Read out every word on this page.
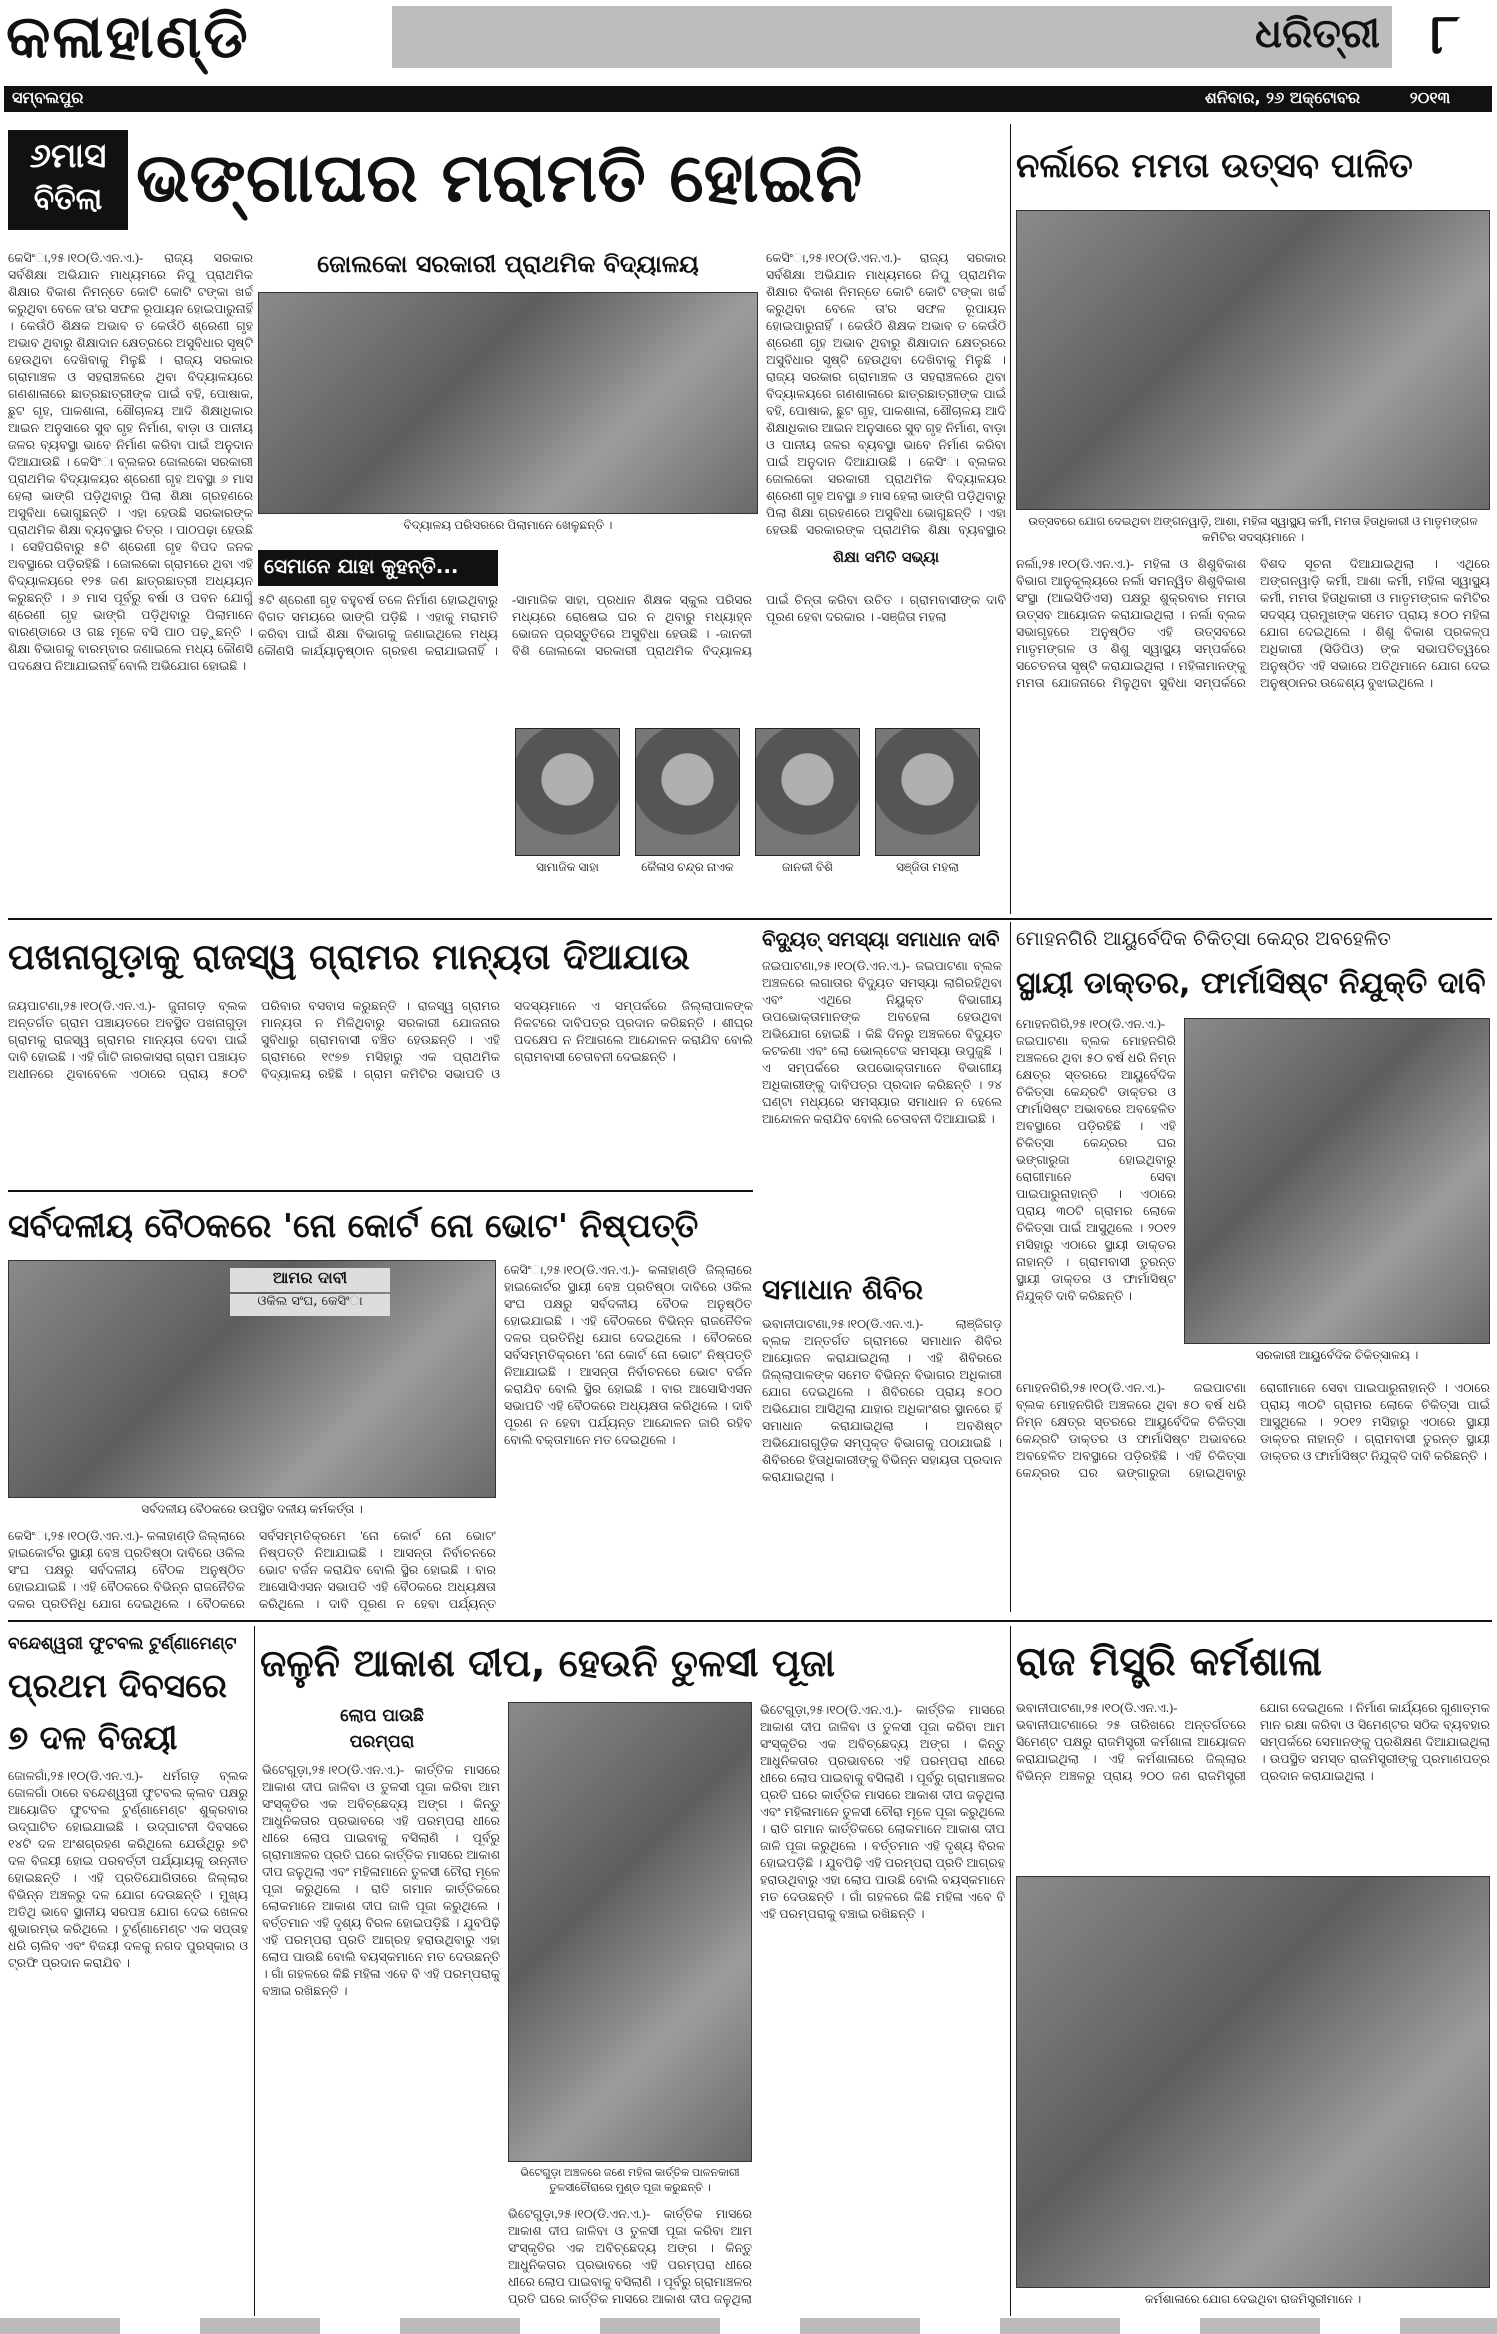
କଳାହାଣ୍ଡି	ଧରିତ୍ରୀ ୮
ସମ୍ବଲପୁର	ଶନିବାର, ୨୬ ଅକ୍ଟୋବର	୨୦୧୩
୬ମାସ
ବିତିଲା ଭଙ୍ଗାଘର ମରାମତି ହୋଇନି
କେସିଂା,୨୫।୧୦(ଡି.ଏନ.ଏ.)- ରାଜ୍ୟ ସରକାର ସର୍ବଶିକ୍ଷା ଅଭିଯାନ ମାଧ୍ୟମରେ ନିପୁ ପ୍ରାଥମିକ ଶିକ୍ଷାର ବିକାଶ ନିମନ୍ତେ କୋଟି କୋଟି ଟଙ୍କା ଖର୍ଚ୍ଚ କରୁଥିବା ବେଳେ ତା'ର ସଫଳ ରୂପାୟନ ହୋଇପାରୁନାହିଁ । କେଉଁଠି ଶିକ୍ଷକ ଅଭାବ ତ କେଉଁଠି ଶ୍ରେଣୀ ଗୃହ ଅଭାବ ଥିବାରୁ ଶିକ୍ଷାଦାନ କ୍ଷେତ୍ରରେ ଅସୁବିଧାର ସୃଷ୍ଟି ହେଉଥିବା ଦେଖିବାକୁ ମିଳୁଛି । ରାଜ୍ୟ ସରକାର ଗ୍ରାମାଞ୍ଚଳ ଓ ସହରାଞ୍ଚଳରେ ଥିବା ବିଦ୍ୟାଳୟରେ ଗଣଶାଳାରେ ଛାତ୍ରଛାତ୍ରୀଙ୍କ ପାଇଁ ବହି, ପୋଷାକ, ଛୁଟ ଗୃହ, ପାକଶାଳା, ଶୌଚାଳୟ ଆଦି ଶିକ୍ଷାଧିକାର ଆଇନ ଅନୁସାରେ ସୁବ ଗୃହ ନିର୍ମାଣ, ବାଡ଼ା ଓ ପାନୀୟ ଜଳର ବ୍ୟବସ୍ଥା ଭାବେ ନିର୍ମାଣ କରିବା ପାଇଁ ଅନୁଦାନ ଦିଆଯାଉଛି । କେସିଂା ବ୍ଲକର ଜୋଲକୋ ସରକାରୀ ପ୍ରାଥମିକ ବିଦ୍ୟାଳୟର ଶ୍ରେଣୀ ଗୃହ ଅବସ୍ଥା ୬ ମାସ ହେଲା ଭାଙ୍ଗି ପଡ଼ିଥିବାରୁ ପିଲା ଶିକ୍ଷା ଗ୍ରହଣରେ ଅସୁବିଧା ଭୋଗୁଛନ୍ତି । ଏହା ହେଉଛି ସରକାରଙ୍କ ପ୍ରାଥମିକ ଶିକ୍ଷା ବ୍ୟବସ୍ଥାର ଚିତ୍ର । ପାଠପଢ଼ା ହେଉଛି । ସେହିପରିବାରୁ ୫ଟି ଶ୍ରେଣୀ ଗୃହ ବିପଦ ଜନକ ଅବସ୍ଥାରେ ପଡ଼ିରହିଛି । ଜୋଲକୋ ଗ୍ରାମରେ ଥିବା ଏହି ବିଦ୍ୟାଳୟରେ ୧୨୫ ଜଣ ଛାତ୍ରଛାତ୍ରୀ ଅଧ୍ୟୟନ କରୁଛନ୍ତି । ୬ ମାସ ପୂର୍ବରୁ ବର୍ଷା ଓ ପବନ ଯୋଗୁଁ ଶ୍ରେଣୀ ଗୃହ ଭାଙ୍ଗି ପଡ଼ିଥିବାରୁ ପିଲାମାନେ ବାରଣ୍ଡାରେ ଓ ଗଛ ମୂଳେ ବସି ପାଠ ପଢ଼ୁଛନ୍ତି । ଶିକ୍ଷା ବିଭାଗକୁ ବାରମ୍ବାର ଜଣାଇଲେ ମଧ୍ୟ କୌଣସି ପଦକ୍ଷେପ ନିଆଯାଇନାହିଁ ବୋଲି ଅଭିଯୋଗ ହୋଇଛି ।
ଜୋଲକୋ ସରକାରୀ ପ୍ରାଥମିକ ବିଦ୍ୟାଳୟ
ବିଦ୍ୟାଳୟ ପରିସରରେ ପିଲାମାନେ ଖେଳୁଛନ୍ତି ।
କେସିଂା,୨୫।୧୦(ଡି.ଏନ.ଏ.)- ରାଜ୍ୟ ସରକାର ସର୍ବଶିକ୍ଷା ଅଭିଯାନ ମାଧ୍ୟମରେ ନିପୁ ପ୍ରାଥମିକ ଶିକ୍ଷାର ବିକାଶ ନିମନ୍ତେ କୋଟି କୋଟି ଟଙ୍କା ଖର୍ଚ୍ଚ କରୁଥିବା ବେଳେ ତା'ର ସଫଳ ରୂପାୟନ ହୋଇପାରୁନାହିଁ । କେଉଁଠି ଶିକ୍ଷକ ଅଭାବ ତ କେଉଁଠି ଶ୍ରେଣୀ ଗୃହ ଅଭାବ ଥିବାରୁ ଶିକ୍ଷାଦାନ କ୍ଷେତ୍ରରେ ଅସୁବିଧାର ସୃଷ୍ଟି ହେଉଥିବା ଦେଖିବାକୁ ମିଳୁଛି । ରାଜ୍ୟ ସରକାର ଗ୍ରାମାଞ୍ଚଳ ଓ ସହରାଞ୍ଚଳରେ ଥିବା ବିଦ୍ୟାଳୟରେ ଗଣଶାଳାରେ ଛାତ୍ରଛାତ୍ରୀଙ୍କ ପାଇଁ ବହି, ପୋଷାକ, ଛୁଟ ଗୃହ, ପାକଶାଳା, ଶୌଚାଳୟ ଆଦି ଶିକ୍ଷାଧିକାର ଆଇନ ଅନୁସାରେ ସୁବ ଗୃହ ନିର୍ମାଣ, ବାଡ଼ା ଓ ପାନୀୟ ଜଳର ବ୍ୟବସ୍ଥା ଭାବେ ନିର୍ମାଣ କରିବା ପାଇଁ ଅନୁଦାନ ଦିଆଯାଉଛି । କେସିଂା ବ୍ଲକର ଜୋଲକୋ ସରକାରୀ ପ୍ରାଥମିକ ବିଦ୍ୟାଳୟର ଶ୍ରେଣୀ ଗୃହ ଅବସ୍ଥା ୬ ମାସ ହେଲା ଭାଙ୍ଗି ପଡ଼ିଥିବାରୁ ପିଲା ଶିକ୍ଷା ଗ୍ରହଣରେ ଅସୁବିଧା ଭୋଗୁଛନ୍ତି । ଏହା ହେଉଛି ସରକାରଙ୍କ ପ୍ରାଥମିକ ଶିକ୍ଷା ବ୍ୟବସ୍ଥାର
ସେମାନେ ଯାହା କୁହନ୍ତି...	ଶିକ୍ଷା ସମିତି ସଭ୍ୟା
୫ଟି ଶ୍ରେଣୀ ଗୃହ ବହୁବର୍ଷ ତଳେ ନିର୍ମାଣ ହୋଇଥିବାରୁ ବିଗତ ସମୟରେ ଭାଙ୍ଗି ପଡ଼ିଛି । ଏହାକୁ ମରାମତି କରିବା ପାଇଁ ଶିକ୍ଷା ବିଭାଗକୁ ଜଣାଇଥିଲେ ମଧ୍ୟ କୌଣସି କାର୍ଯ୍ୟାନୁଷ୍ଠାନ ଗ୍ରହଣ କରାଯାଇନାହିଁ । -ସାମାଜିକ ସାହା, ପ୍ରଧାନ ଶିକ୍ଷକ ସ୍କୁଲ ପରିସର ମଧ୍ୟରେ ରୋଷେଇ ଘର ନ ଥିବାରୁ ମଧ୍ୟାହ୍ନ ଭୋଜନ ପ୍ରସ୍ତୁତିରେ ଅସୁବିଧା ହେଉଛି । -ଜାନକୀ ବିଶି ଜୋଲକୋ ସରକାରୀ ପ୍ରାଥମିକ ବିଦ୍ୟାଳୟ ପାଇଁ ଚିନ୍ତା କରିବା ଉଚିତ । ଗ୍ରାମବାସୀଙ୍କ ଦାବି ପୂରଣ ହେବା ଦରକାର । -ସଞ୍ଜିତା ମହଲା
ସାମାଜିକ ସାହା	କୈଳାସ ଚନ୍ଦ୍ର ନାଏକ	ଜାନକୀ ବିଶି	ସଞ୍ଜିତା ମହଲା
ନର୍ଲାରେ ମମତା ଉତ୍ସବ ପାଳିତ
ଉତ୍ସବରେ ଯୋଗ ଦେଇଥିବା ଅଙ୍ଗନୱାଡ଼ି, ଆଶା, ମହିଳା ସ୍ୱାସ୍ଥ୍ୟ କର୍ମୀ, ମମତା ହିତାଧିକାରୀ ଓ ମାତୃମଙ୍ଗଳ କମିଟିର ସଦସ୍ୟମାନେ ।
ନର୍ଲା,୨୫।୧୦(ଡି.ଏନ.ଏ.)- ମହିଳା ଓ ଶିଶୁବିକାଶ ବିଭାଗ ଆନୁକୂଲ୍ୟରେ ନର୍ଲା ସମନ୍ୱିତ ଶିଶୁବିକାଶ ସଂସ୍ଥା (ଆଇସିଡିଏସ) ପକ୍ଷରୁ ଶୁକ୍ରବାର ମମତା ଉତ୍ସବ ଆୟୋଜନ କରାଯାଇଥିଲା । ନର୍ଲା ବ୍ଲକ ସଭାଗୃହରେ ଅନୁଷ୍ଠିତ ଏହି ଉତ୍ସବରେ ମାତୃମଙ୍ଗଳ ଓ ଶିଶୁ ସ୍ୱାସ୍ଥ୍ୟ ସମ୍ପର୍କରେ ସଚେତନତା ସୃଷ୍ଟି କରାଯାଇଥିଲା । ମହିଳାମାନଙ୍କୁ ମମତା ଯୋଜନାରେ ମିଳୁଥିବା ସୁବିଧା ସମ୍ପର୍କରେ ବିଶଦ ସୂଚନା ଦିଆଯାଇଥିଲା । ଏଥିରେ ଅଙ୍ଗନୱାଡ଼ି କର୍ମୀ, ଆଶା କର୍ମୀ, ମହିଳା ସ୍ୱାସ୍ଥ୍ୟ କର୍ମୀ, ମମତା ହିତାଧିକାରୀ ଓ ମାତୃମଙ୍ଗଳ କମିଟିର ସଦସ୍ୟ ପ୍ରମୁଖଙ୍କ ସମେତ ପ୍ରାୟ ୫୦୦ ମହିଳା ଯୋଗ ଦେଇଥିଲେ । ଶିଶୁ ବିକାଶ ପ୍ରକଳ୍ପ ଅଧିକାରୀ (ସିଡିପିଓ) ଙ୍କ ସଭାପତିତ୍ୱରେ ଅନୁଷ୍ଠିତ ଏହି ସଭାରେ ଅତିଥିମାନେ ଯୋଗ ଦେଇ ଅନୁଷ୍ଠାନର ଉଦ୍ଦେଶ୍ୟ ବୁଝାଇଥିଲେ ।
ପଖନାଗୁଡ଼ାକୁ ରାଜସ୍ୱ ଗ୍ରାମର ମାନ୍ୟତା ଦିଆଯାଉ
ଜୟପାଟଣା,୨୫।୧୦(ଡି.ଏନ.ଏ.)- ଜୁନାଗଡ଼ ବ୍ଲକ ଅନ୍ତର୍ଗତ ଗ୍ରାମ ପଞ୍ଚାୟତରେ ଅବସ୍ଥିତ ପଖନାଗୁଡ଼ା ଗ୍ରାମକୁ ରାଜସ୍ୱ ଗ୍ରାମର ମାନ୍ୟତା ଦେବା ପାଇଁ ଦାବି ହୋଇଛି । ଏହି ଗାଁଟି ଜାରକାସରା ଗ୍ରାମ ପଞ୍ଚାୟତ ଅଧୀନରେ ଥିବାବେଳେ ଏଠାରେ ପ୍ରାୟ ୫୦ଟି ପରିବାର ବସବାସ କରୁଛନ୍ତି । ରାଜସ୍ୱ ଗ୍ରାମର ମାନ୍ୟତା ନ ମିଳିଥିବାରୁ ସରକାରୀ ଯୋଜନାର ସୁବିଧାରୁ ଗ୍ରାମବାସୀ ବଞ୍ଚିତ ହେଉଛନ୍ତି । ଏହି ଗ୍ରାମରେ ୧୯୭୭ ମସିହାରୁ ଏକ ପ୍ରାଥମିକ ବିଦ୍ୟାଳୟ ରହିଛି । ଗ୍ରାମ କମିଟିର ସଭାପତି ଓ ସଦସ୍ୟମାନେ ଏ ସମ୍ପର୍କରେ ଜିଲ୍ଲାପାଳଙ୍କ ନିକଟରେ ଦାବିପତ୍ର ପ୍ରଦାନ କରିଛନ୍ତି । ଶୀଘ୍ର ପଦକ୍ଷେପ ନ ନିଆଗଲେ ଆନ୍ଦୋଳନ କରାଯିବ ବୋଲି ଗ୍ରାମବାସୀ ଚେତାବନୀ ଦେଇଛନ୍ତି ।
ବିଦ୍ୟୁତ୍ ସମସ୍ୟା ସମାଧାନ ଦାବି
ଜଇପାଟଣା,୨୫।୧୦(ଡି.ଏନ.ଏ.)- ଜଇପାଟଣା ବ୍ଲକ ଅଞ୍ଚଳରେ ଲଗାତାର ବିଦ୍ୟୁତ ସମସ୍ୟା ଲାଗିରହିଥିବା ଏବଂ ଏଥିରେ ନିୟୁକ୍ତ ବିଭାଗୀୟ ଉପଭୋକ୍ତାମାନଙ୍କ ଅବହେଳା ହେଉଥିବା ଅଭିଯୋଗ ହୋଇଛି । କିଛି ଦିନରୁ ଅଞ୍ଚଳରେ ବିଦ୍ୟୁତ କଟକଣା ଏବଂ ଲୋ ଭୋଲ୍ଟେଜ ସମସ୍ୟା ଉପୁଜୁଛି । ଏ ସମ୍ପର୍କରେ ଉପଭୋକ୍ତାମାନେ ବିଭାଗୀୟ ଅଧିକାରୀଙ୍କୁ ଦାବିପତ୍ର ପ୍ରଦାନ କରିଛନ୍ତି । ୨୪ ଘଣ୍ଟା ମଧ୍ୟରେ ସମସ୍ୟାର ସମାଧାନ ନ ହେଲେ ଆନ୍ଦୋଳନ କରାଯିବ ବୋଲି ଚେତାବନୀ ଦିଆଯାଇଛି ।
ମୋହନଗିରି ଆୟୁର୍ବେଦିକ ଚିକିତ୍ସା କେନ୍ଦ୍ର ଅବହେଳିତ
ସ୍ଥାୟୀ ଡାକ୍ତର, ଫାର୍ମାସିଷ୍ଟ ନିଯୁକ୍ତି ଦାବି
ମୋହନଗିରି,୨୫।୧୦(ଡି.ଏନ.ଏ.)- ଜଇପାଟଣା ବ୍ଲକ ମୋହନଗିରି ଅଞ୍ଚଳରେ ଥିବା ୫୦ ବର୍ଷ ଧରି ନିମ୍ନ କ୍ଷେତ୍ର ସ୍ତରରେ ଆୟୁର୍ବେଦିକ ଚିକିତ୍ସା କେନ୍ଦ୍ରଟି ଡାକ୍ତର ଓ ଫାର୍ମାସିଷ୍ଟ ଅଭାବରେ ଅବହେଳିତ ଅବସ୍ଥାରେ ପଡ଼ିରହିଛି । ଏହି ଚିକିତ୍ସା କେନ୍ଦ୍ରର ଘର ଭଙ୍ଗାରୁଜା ହୋଇଥିବାରୁ ରୋଗୀମାନେ ସେବା ପାଇପାରୁନାହାନ୍ତି । ଏଠାରେ ପ୍ରାୟ ୩୦ଟି ଗ୍ରାମର ଲୋକେ ଚିକିତ୍ସା ପାଇଁ ଆସୁଥିଲେ । ୨୦୧୨ ମସିହାରୁ ଏଠାରେ ସ୍ଥାୟୀ ଡାକ୍ତର ନାହାନ୍ତି । ଗ୍ରାମବାସୀ ତୁରନ୍ତ ସ୍ଥାୟୀ ଡାକ୍ତର ଓ ଫାର୍ମାସିଷ୍ଟ ନିଯୁକ୍ତି ଦାବି କରିଛନ୍ତି ।
ସରକାରୀ ଆୟୁର୍ବେଦିକ ଚିକିତ୍ସାଳୟ ।
ମୋହନଗିରି,୨୫।୧୦(ଡି.ଏନ.ଏ.)- ଜଇପାଟଣା ବ୍ଲକ ମୋହନଗିରି ଅଞ୍ଚଳରେ ଥିବା ୫୦ ବର୍ଷ ଧରି ନିମ୍ନ କ୍ଷେତ୍ର ସ୍ତରରେ ଆୟୁର୍ବେଦିକ ଚିକିତ୍ସା କେନ୍ଦ୍ରଟି ଡାକ୍ତର ଓ ଫାର୍ମାସିଷ୍ଟ ଅଭାବରେ ଅବହେଳିତ ଅବସ୍ଥାରେ ପଡ଼ିରହିଛି । ଏହି ଚିକିତ୍ସା କେନ୍ଦ୍ରର ଘର ଭଙ୍ଗାରୁଜା ହୋଇଥିବାରୁ ରୋଗୀମାନେ ସେବା ପାଇପାରୁନାହାନ୍ତି । ଏଠାରେ ପ୍ରାୟ ୩୦ଟି ଗ୍ରାମର ଲୋକେ ଚିକିତ୍ସା ପାଇଁ ଆସୁଥିଲେ । ୨୦୧୨ ମସିହାରୁ ଏଠାରେ ସ୍ଥାୟୀ ଡାକ୍ତର ନାହାନ୍ତି । ଗ୍ରାମବାସୀ ତୁରନ୍ତ ସ୍ଥାୟୀ ଡାକ୍ତର ଓ ଫାର୍ମାସିଷ୍ଟ ନିଯୁକ୍ତି ଦାବି କରିଛନ୍ତି ।
ସର୍ବଦଳୀୟ ବୈଠକରେ 'ନୋ କୋର୍ଟ ନୋ ଭୋଟ' ନିଷ୍ପତ୍ତି
ଆମର ଦାବୀ
ଓକିଲ ସଂଘ, କେସିଂା
ସର୍ବଦଳୀୟ ବୈଠକରେ ଉପସ୍ଥିତ ଦଳୀୟ କର୍ମକର୍ତ୍ତା ।
କେସିଂା,୨୫।୧୦(ଡି.ଏନ.ଏ.)- କଳାହାଣ୍ଡି ଜିଲ୍ଲାରେ ହାଇକୋର୍ଟର ସ୍ଥାୟୀ ବେଞ୍ଚ ପ୍ରତିଷ୍ଠା ଦାବିରେ ଓକିଲ ସଂଘ ପକ୍ଷରୁ ସର୍ବଦଳୀୟ ବୈଠକ ଅନୁଷ୍ଠିତ ହୋଇଯାଇଛି । ଏହି ବୈଠକରେ ବିଭିନ୍ନ ରାଜନୈତିକ ଦଳର ପ୍ରତିନିଧି ଯୋଗ ଦେଇଥିଲେ । ବୈଠକରେ ସର୍ବସମ୍ମତିକ୍ରମେ 'ନୋ କୋର୍ଟ ନୋ ଭୋଟ' ନିଷ୍ପତ୍ତି ନିଆଯାଇଛି । ଆସନ୍ତା ନିର୍ବାଚନରେ ଭୋଟ ବର୍ଜନ କରାଯିବ ବୋଲି ସ୍ଥିର ହୋଇଛି । ବାର ଆସୋସିଏସନ ସଭାପତି ଏହି ବୈଠକରେ ଅଧ୍ୟକ୍ଷତା କରିଥିଲେ । ଦାବି ପୂରଣ ନ ହେବା ପର୍ଯ୍ୟନ୍ତ ଆନ୍ଦୋଳନ ଜାରି ରହିବ ବୋଲି ବକ୍ତାମାନେ ମତ ଦେଇଥିଲେ ।
କେସିଂା,୨୫।୧୦(ଡି.ଏନ.ଏ.)- କଳାହାଣ୍ଡି ଜିଲ୍ଲାରେ ହାଇକୋର୍ଟର ସ୍ଥାୟୀ ବେଞ୍ଚ ପ୍ରତିଷ୍ଠା ଦାବିରେ ଓକିଲ ସଂଘ ପକ୍ଷରୁ ସର୍ବଦଳୀୟ ବୈଠକ ଅନୁଷ୍ଠିତ ହୋଇଯାଇଛି । ଏହି ବୈଠକରେ ବିଭିନ୍ନ ରାଜନୈତିକ ଦଳର ପ୍ରତିନିଧି ଯୋଗ ଦେଇଥିଲେ । ବୈଠକରେ ସର୍ବସମ୍ମତିକ୍ରମେ 'ନୋ କୋର୍ଟ ନୋ ଭୋଟ' ନିଷ୍ପତ୍ତି ନିଆଯାଇଛି । ଆସନ୍ତା ନିର୍ବାଚନରେ ଭୋଟ ବର୍ଜନ କରାଯିବ ବୋଲି ସ୍ଥିର ହୋଇଛି । ବାର ଆସୋସିଏସନ ସଭାପତି ଏହି ବୈଠକରେ ଅଧ୍ୟକ୍ଷତା କରିଥିଲେ । ଦାବି ପୂରଣ ନ ହେବା ପର୍ଯ୍ୟନ୍ତ
ସମାଧାନ ଶିବିର
ଭବାନୀପାଟଣା,୨୫।୧୦(ଡି.ଏନ.ଏ.)- ଲାଞ୍ଜିଗଡ଼ ବ୍ଲକ ଅନ୍ତର୍ଗତ ଗ୍ରାମରେ ସମାଧାନ ଶିବିର ଆୟୋଜନ କରାଯାଇଥିଲା । ଏହି ଶିବିରରେ ଜିଲ୍ଲାପାଳଙ୍କ ସମେତ ବିଭିନ୍ନ ବିଭାଗର ଅଧିକାରୀ ଯୋଗ ଦେଇଥିଲେ । ଶିବିରରେ ପ୍ରାୟ ୫୦୦ ଅଭିଯୋଗ ଆସିଥିଲା ଯାହାର ଅଧିକାଂଶର ସ୍ଥାନରେ ହିଁ ସମାଧାନ କରାଯାଇଥିଲା । ଅବଶିଷ୍ଟ ଅଭିଯୋଗଗୁଡ଼ିକ ସମ୍ପୃକ୍ତ ବିଭାଗକୁ ପଠାଯାଇଛି । ଶିବିରରେ ହିତାଧିକାରୀଙ୍କୁ ବିଭିନ୍ନ ସହାୟତା ପ୍ରଦାନ କରାଯାଇଥିଲା ।
ବନ୍ଦେଶ୍ୱରୀ ଫୁଟବଲ ଟୁର୍ଣ୍ଣାମେଣ୍ଟ
ପ୍ରଥମ ଦିବସରେ
୭ ଦଳ ବିଜୟୀ
ଜୋଳଗାଁ,୨୫।୧୦(ଡି.ଏନ.ଏ.)- ଧର୍ମଗଡ଼ ବ୍ଲକ ଜୋଳଗାଁ ଠାରେ ବନ୍ଦେଶ୍ୱରୀ ଫୁଟବଲ କ୍ଲବ ପକ୍ଷରୁ ଆୟୋଜିତ ଫୁଟବଲ ଟୁର୍ଣ୍ଣାମେଣ୍ଟ ଶୁକ୍ରବାର ଉଦ୍‌ଘାଟିତ ହୋଇଯାଇଛି । ଉଦ୍‌ଘାଟନୀ ଦିବସରେ ୧୪ଟି ଦଳ ଅଂଶଗ୍ରହଣ କରିଥିଲେ ଯେଉଁଥିରୁ ୭ଟି ଦଳ ବିଜୟୀ ହୋଇ ପରବର୍ତ୍ତୀ ପର୍ଯ୍ୟାୟକୁ ଉନ୍ନୀତ ହୋଇଛନ୍ତି । ଏହି ପ୍ରତିଯୋଗିତାରେ ଜିଲ୍ଲାର ବିଭିନ୍ନ ଅଞ୍ଚଳରୁ ଦଳ ଯୋଗ ଦେଉଛନ୍ତି । ମୁଖ୍ୟ ଅତିଥି ଭାବେ ସ୍ଥାନୀୟ ସରପଞ୍ଚ ଯୋଗ ଦେଇ ଖେଳର ଶୁଭାରମ୍ଭ କରିଥିଲେ । ଟୁର୍ଣ୍ଣାମେଣ୍ଟ ଏକ ସପ୍ତାହ ଧରି ଚାଲିବ ଏବଂ ବିଜୟୀ ଦଳକୁ ନଗଦ ପୁରସ୍କାର ଓ ଟ୍ରଫି ପ୍ରଦାନ କରାଯିବ ।
ଜଳୁନି ଆକାଶ ଦୀପ, ହେଉନି ତୁଳସୀ ପୂଜା
ଲୋପ ପାଉଛି
ପରମ୍ପରା
ଭିଟେଗୁଡ଼ା,୨୫।୧୦(ଡି.ଏନ.ଏ.)- କାର୍ତ୍ତିକ ମାସରେ ଆକାଶ ଦୀପ ଜାଳିବା ଓ ତୁଳସୀ ପୂଜା କରିବା ଆମ ସଂସ୍କୃତିର ଏକ ଅବିଚ୍ଛେଦ୍ୟ ଅଙ୍ଗ । କିନ୍ତୁ ଆଧୁନିକତାର ପ୍ରଭାବରେ ଏହି ପରମ୍ପରା ଧୀରେ ଧୀରେ ଲୋପ ପାଇବାକୁ ବସିଲାଣି । ପୂର୍ବରୁ ଗ୍ରାମାଞ୍ଚଳର ପ୍ରତି ଘରେ କାର୍ତ୍ତିକ ମାସରେ ଆକାଶ ଦୀପ ଜଳୁଥିଲା ଏବଂ ମହିଳାମାନେ ତୁଳସୀ ଚୌରା ମୂଳେ ପୂଜା କରୁଥିଲେ । ରାତି ଗମାନ କାର୍ତ୍ତିକରେ ଲୋକମାନେ ଆକାଶ ଦୀପ ଜାଳି ପୂଜା କରୁଥିଲେ । ବର୍ତ୍ତମାନ ଏହି ଦୃଶ୍ୟ ବିରଳ ହୋଇପଡ଼ିଛି । ଯୁବପିଢ଼ି ଏହି ପରମ୍ପରା ପ୍ରତି ଆଗ୍ରହ ହରାଉଥିବାରୁ ଏହା ଲୋପ ପାଉଛି ବୋଲି ବୟସ୍କମାନେ ମତ ଦେଉଛନ୍ତି । ଗାଁ ଗହଳରେ କିଛି ମହିଳା ଏବେ ବି ଏହି ପରମ୍ପରାକୁ ବଞ୍ଚାଇ ରଖିଛନ୍ତି ।
ଭିଟେଗୁଡ଼ା ଅଞ୍ଚଳରେ ଜଣେ ମହିଳା କାର୍ତ୍ତିକ ପାଳନକାରୀ ତୁଳସୀଚୌରାରେ ମୁଣ୍ଡ ପୂଜା କରୁଛନ୍ତି ।
ଭିଟେଗୁଡ଼ା,୨୫।୧୦(ଡି.ଏନ.ଏ.)- କାର୍ତ୍ତିକ ମାସରେ ଆକାଶ ଦୀପ ଜାଳିବା ଓ ତୁଳସୀ ପୂଜା କରିବା ଆମ ସଂସ୍କୃତିର ଏକ ଅବିଚ୍ଛେଦ୍ୟ ଅଙ୍ଗ । କିନ୍ତୁ ଆଧୁନିକତାର ପ୍ରଭାବରେ ଏହି ପରମ୍ପରା ଧୀରେ ଧୀରେ ଲୋପ ପାଇବାକୁ ବସିଲାଣି । ପୂର୍ବରୁ ଗ୍ରାମାଞ୍ଚଳର ପ୍ରତି ଘରେ କାର୍ତ୍ତିକ ମାସରେ ଆକାଶ ଦୀପ ଜଳୁଥିଲା
ଭିଟେଗୁଡ଼ା,୨୫।୧୦(ଡି.ଏନ.ଏ.)- କାର୍ତ୍ତିକ ମାସରେ ଆକାଶ ଦୀପ ଜାଳିବା ଓ ତୁଳସୀ ପୂଜା କରିବା ଆମ ସଂସ୍କୃତିର ଏକ ଅବିଚ୍ଛେଦ୍ୟ ଅଙ୍ଗ । କିନ୍ତୁ ଆଧୁନିକତାର ପ୍ରଭାବରେ ଏହି ପରମ୍ପରା ଧୀରେ ଧୀରେ ଲୋପ ପାଇବାକୁ ବସିଲାଣି । ପୂର୍ବରୁ ଗ୍ରାମାଞ୍ଚଳର ପ୍ରତି ଘରେ କାର୍ତ୍ତିକ ମାସରେ ଆକାଶ ଦୀପ ଜଳୁଥିଲା ଏବଂ ମହିଳାମାନେ ତୁଳସୀ ଚୌରା ମୂଳେ ପୂଜା କରୁଥିଲେ । ରାତି ଗମାନ କାର୍ତ୍ତିକରେ ଲୋକମାନେ ଆକାଶ ଦୀପ ଜାଳି ପୂଜା କରୁଥିଲେ । ବର୍ତ୍ତମାନ ଏହି ଦୃଶ୍ୟ ବିରଳ ହୋଇପଡ଼ିଛି । ଯୁବପିଢ଼ି ଏହି ପରମ୍ପରା ପ୍ରତି ଆଗ୍ରହ ହରାଉଥିବାରୁ ଏହା ଲୋପ ପାଉଛି ବୋଲି ବୟସ୍କମାନେ ମତ ଦେଉଛନ୍ତି । ଗାଁ ଗହଳରେ କିଛି ମହିଳା ଏବେ ବି ଏହି ପରମ୍ପରାକୁ ବଞ୍ଚାଇ ରଖିଛନ୍ତି ।
ରାଜ ମିସ୍ତ୍ରି କର୍ମଶାଳା
ଭବାନୀପାଟଣା,୨୫।୧୦(ଡି.ଏନ.ଏ.)- ଭବାନୀପାଟଣାରେ ୨୫ ତାରିଖରେ ଅନ୍ତର୍ଗତରେ ସିମେଣ୍ଟ ପକ୍ଷରୁ ରାଜମିସ୍ତ୍ରୀ କର୍ମଶାଳା ଆୟୋଜନ କରାଯାଇଥିଲା । ଏହି କର୍ମଶାଳାରେ ଜିଲ୍ଲାର ବିଭିନ୍ନ ଅଞ୍ଚଳରୁ ପ୍ରାୟ ୨୦୦ ଜଣ ରାଜମିସ୍ତ୍ରୀ ଯୋଗ ଦେଇଥିଲେ । ନିର୍ମାଣ କାର୍ଯ୍ୟରେ ଗୁଣାତ୍ମକ ମାନ ରକ୍ଷା କରିବା ଓ ସିମେଣ୍ଟର ସଠିକ ବ୍ୟବହାର ସମ୍ପର୍କରେ ସେମାନଙ୍କୁ ପ୍ରଶିକ୍ଷଣ ଦିଆଯାଇଥିଲା । ଉପସ୍ଥିତ ସମସ୍ତ ରାଜମିସ୍ତ୍ରୀଙ୍କୁ ପ୍ରମାଣପତ୍ର ପ୍ରଦାନ କରାଯାଇଥିଲା ।
କର୍ମଶାଳାରେ ଯୋଗ ଦେଇଥିବା ରାଜମିସ୍ତ୍ରୀମାନେ ।
